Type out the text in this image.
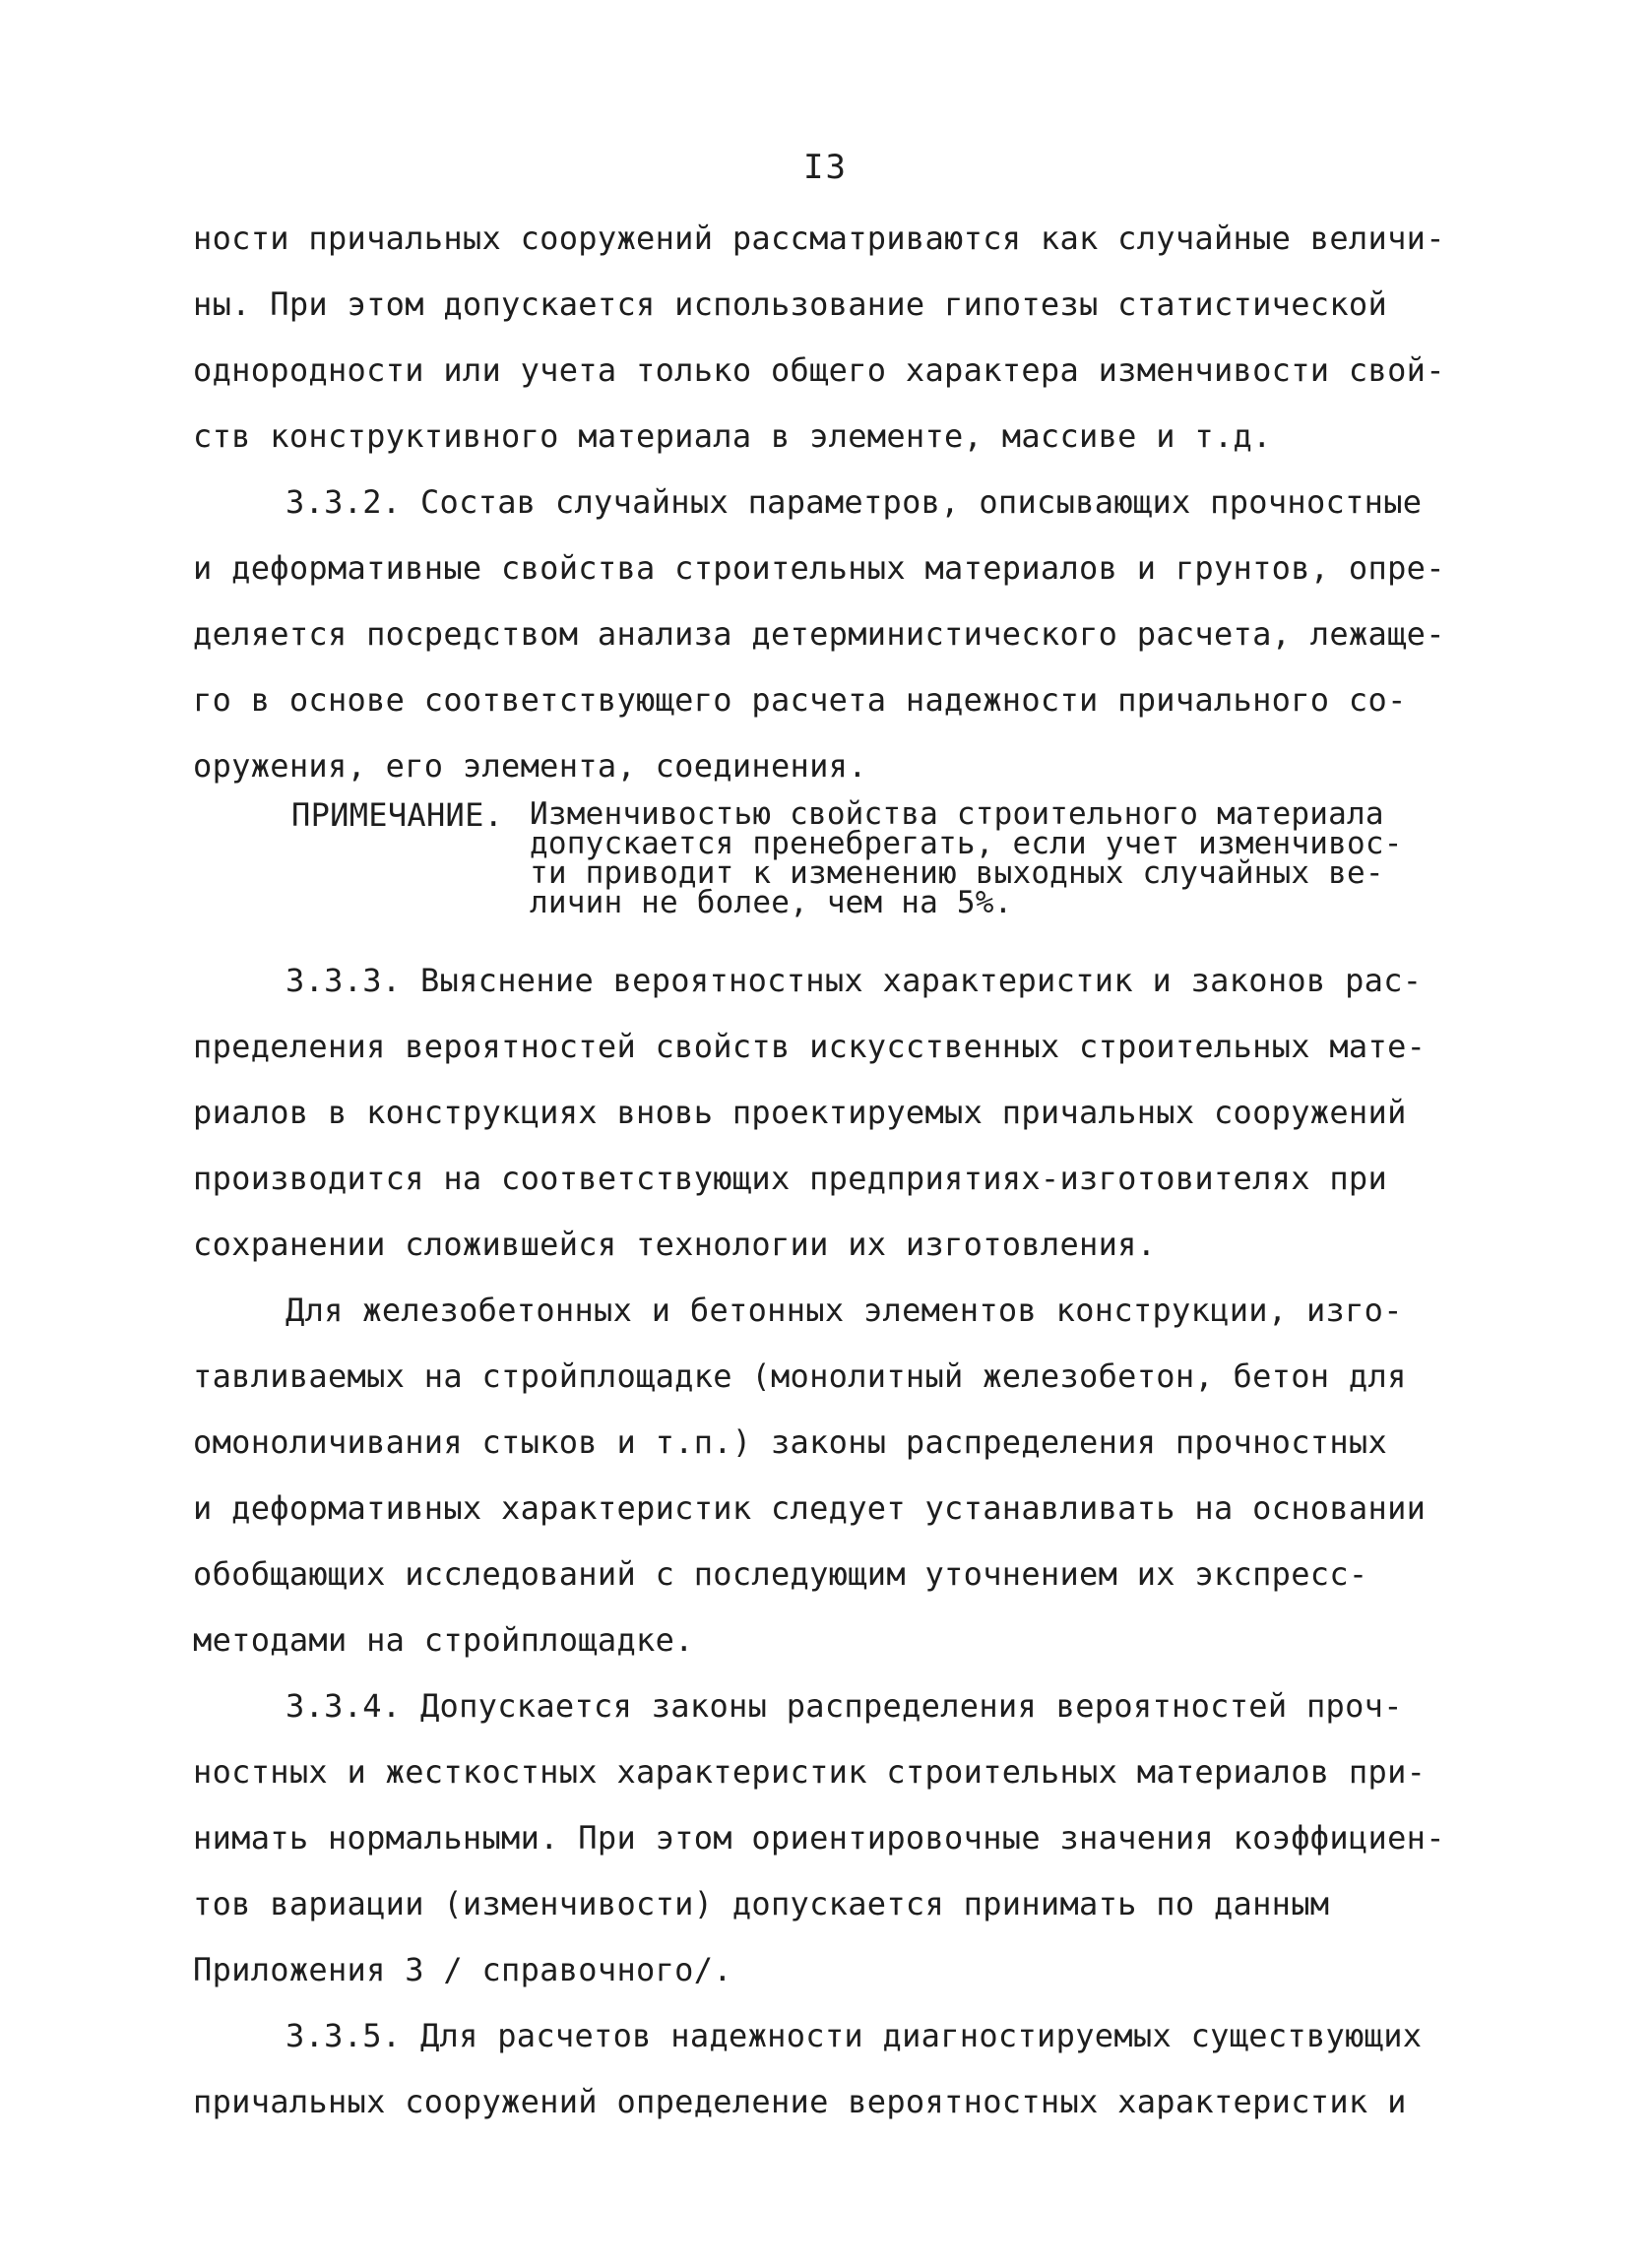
I3

ности причальных сооружений рассматриваются как случайные величи-

ны. При этом допускается использование гипотезы статистической

однородности или учета только общего характера изменчивости свой-

ств конструктивного материала в элементе, массиве и т.д.

3.3.2. Состав случайных параметров, описывающих прочностные

и деформативные свойства строительных материалов и грунтов, опре-

деляется посредством анализа детерминистического расчета, лежаще-

го в основе соответствующего расчета надежности причального со-

оружения, его элемента, соединения.

ПРИМЕЧАНИЕ. Изменчивостью свойства строительного материала

допускается пренебрегать, если учет изменчивос-

ти приводит к изменению выходных случайных ве-

личин не более, чем на 5%.

3.3.3. Выяснение вероятностных характеристик и законов рас-

пределения вероятностей свойств искусственных строительных мате-

риалов в конструкциях вновь проектируемых причальных сооружений

производится на соответствующих предприятиях-изготовителях при

сохранении сложившейся технологии их изготовления.

Для железобетонных и бетонных элементов конструкции, изго-

тавливаемых на стройплощадке (монолитный железобетон, бетон для

омоноличивания стыков и т.п.) законы распределения прочностных

и деформативных характеристик следует устанавливать на основании

обобщающих исследований с последующим уточнением их экспресс-

методами на стройплощадке.

3.3.4. Допускается законы распределения вероятностей проч-

ностных и жесткостных характеристик строительных материалов при-

нимать нормальными. При этом ориентировочные значения коэффициен-

тов вариации (изменчивости) допускается принимать по данным

Приложения 3 / справочного/.

3.3.5. Для расчетов надежности диагностируемых существующих

причальных сооружений определение вероятностных характеристик и
